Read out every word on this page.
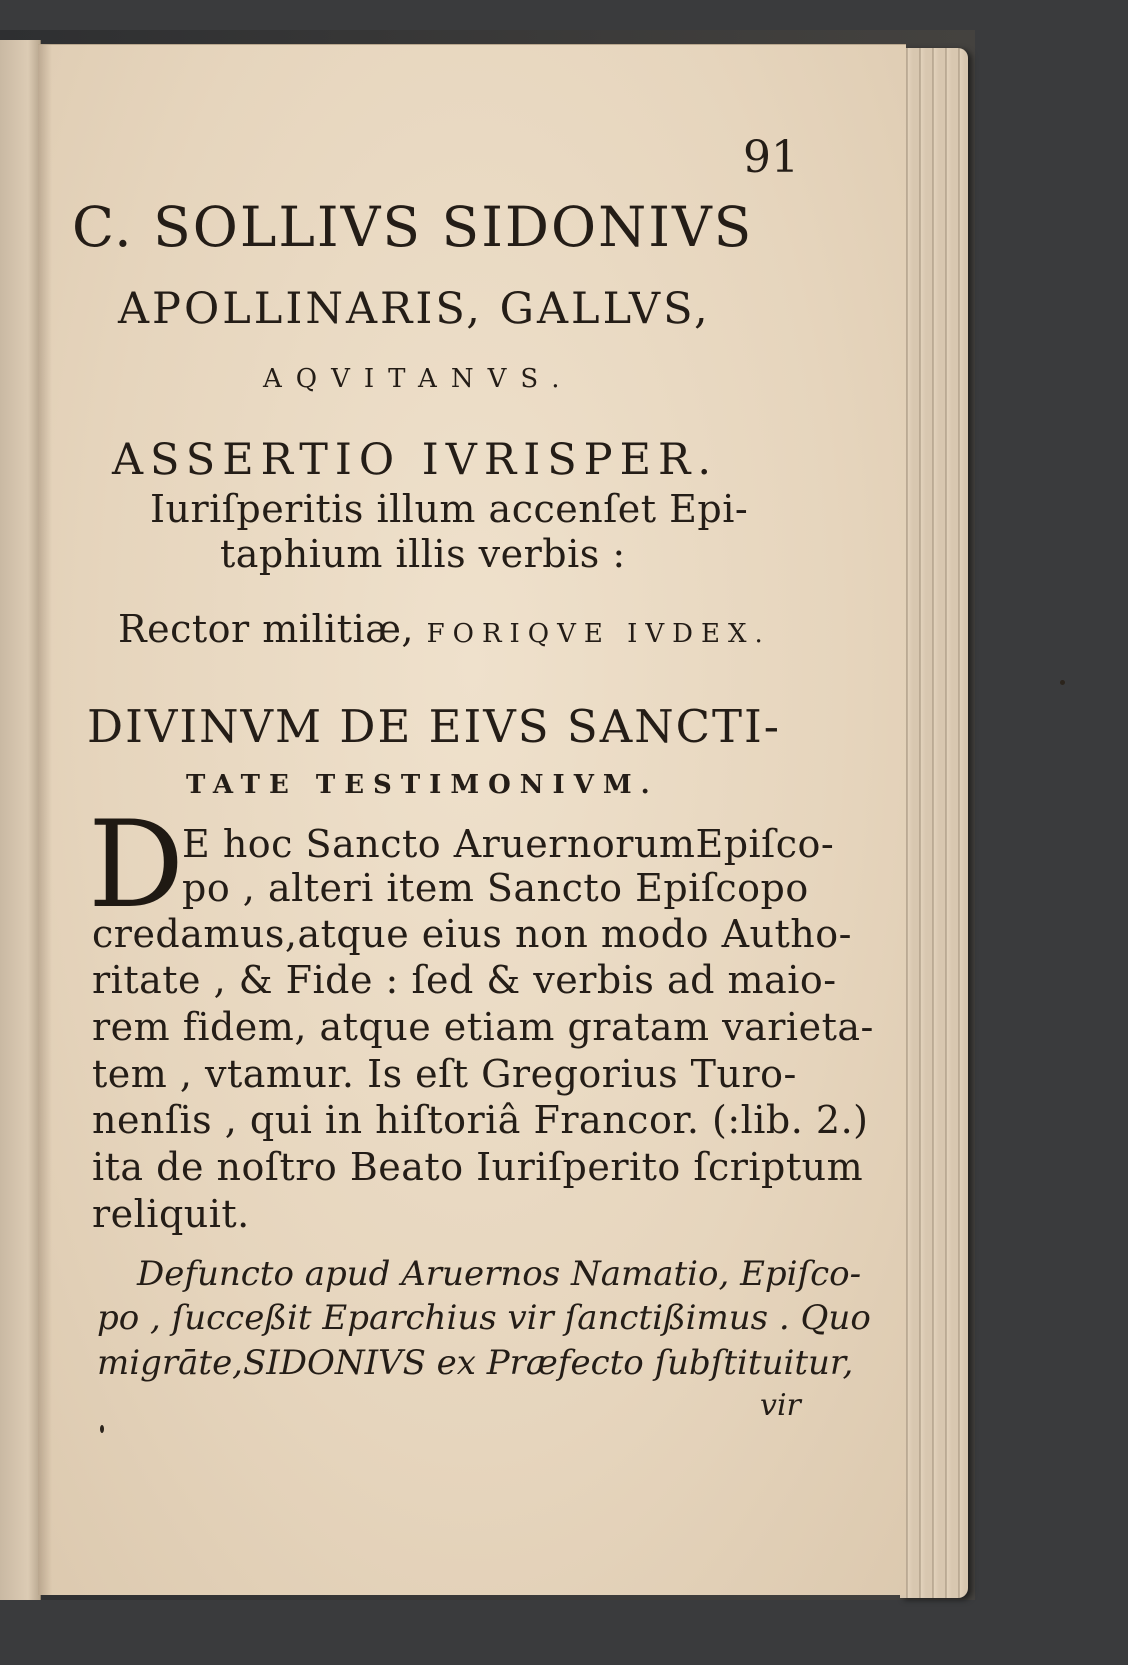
91

C. SOLLIVS SIDONIVS

APOLLINARIS, GALLVS,

AQVITANVS.

ASSERTIO IVRISPER.

Iuriſperitis illum accenſet Epi-

taphium illis verbis :

Rector militiæ, FORIQVE IVDEX.

DIVINVM DE EIVS SANCTI-

TATE TESTIMONIVM.

D

E hoc Sancto AruernorumEpiſco-

po , alteri item Sancto Epiſcopo

credamus,atque eius non modo Autho-

ritate , & Fide : ſed & verbis ad maio-

rem fidem, atque etiam gratam varieta-

tem , vtamur. Is eſt Gregorius Turo-

nenſis , qui in hiſtoriâ Francor. (:lib. 2.)

ita de noſtro Beato Iuriſperito ſcriptum

reliquit.

Defuncto apud Aruernos Namatio, Epiſco-

po , ſucceßit Eparchius vir ſanctißimus . Quo

migrāte,SIDONIVS ex Præfecto ſubſtituitur,

vir
